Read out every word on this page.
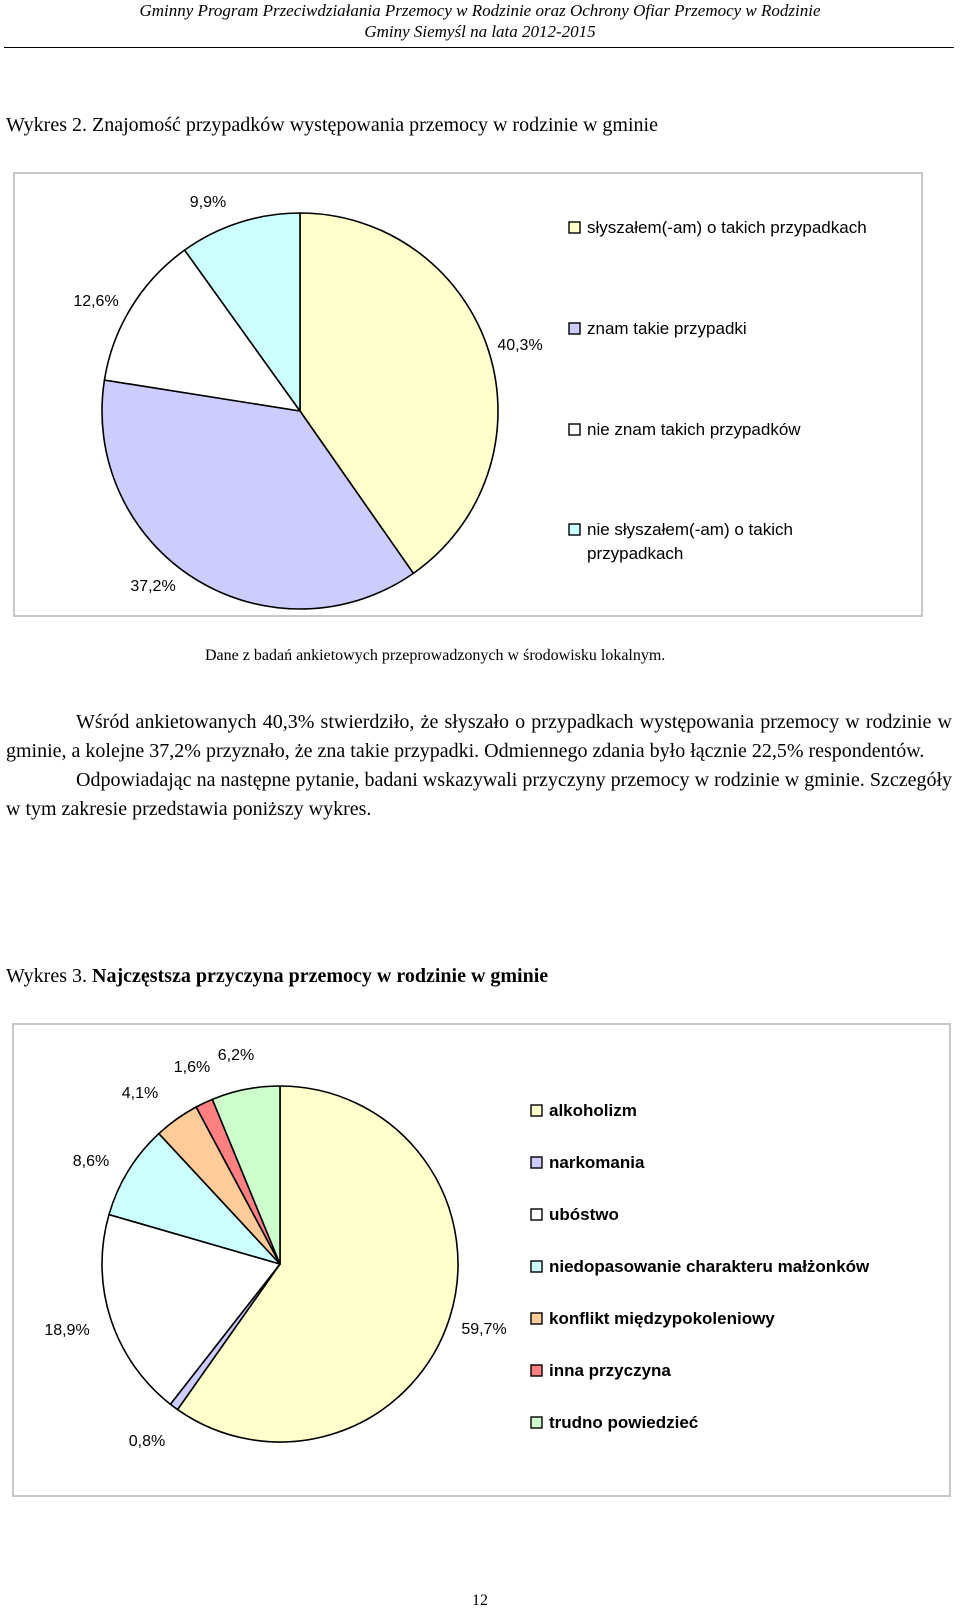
Gminny Program Przeciwdziałania Przemocy w Rodzinie oraz Ochrony Ofiar Przemocy w Rodzinie
Gminy Siemyśl na lata 2012-2015
Wykres 2. Znajomość przypadków występowania przemocy w rodzinie w gminie
40,3%
37,2%
12,6%
9,9%
słyszałem(-am) o takich przypadkach
znam takie przypadki
nie znam takich przypadków
nie słyszałem(-am) o takich
przypadkach
Dane z badań ankietowych przeprowadzonych w środowisku lokalnym.

Wśród ankietowanych 40,3% stwierdziło, że słyszało o przypadkach występowania przemocy w rodzinie w gminie, a kolejne 37,2% przyznało, że zna takie przypadki. Odmiennego zdania było łącznie 22,5% respondentów.

Odpowiadając na następne pytanie, badani wskazywali przyczyny przemocy w rodzinie w gminie. Szczegóły w tym zakresie przedstawia poniższy wykres.

Wykres 3. Najczęstsza przyczyna przemocy w rodzinie w gminie
59,7%
0,8%
18,9%
8,6%
4,1%
1,6%
6,2%
alkoholizm
narkomania
ubóstwo
niedopasowanie charakteru małżonków
konflikt międzypokoleniowy
inna przyczyna
trudno powiedzieć
12
